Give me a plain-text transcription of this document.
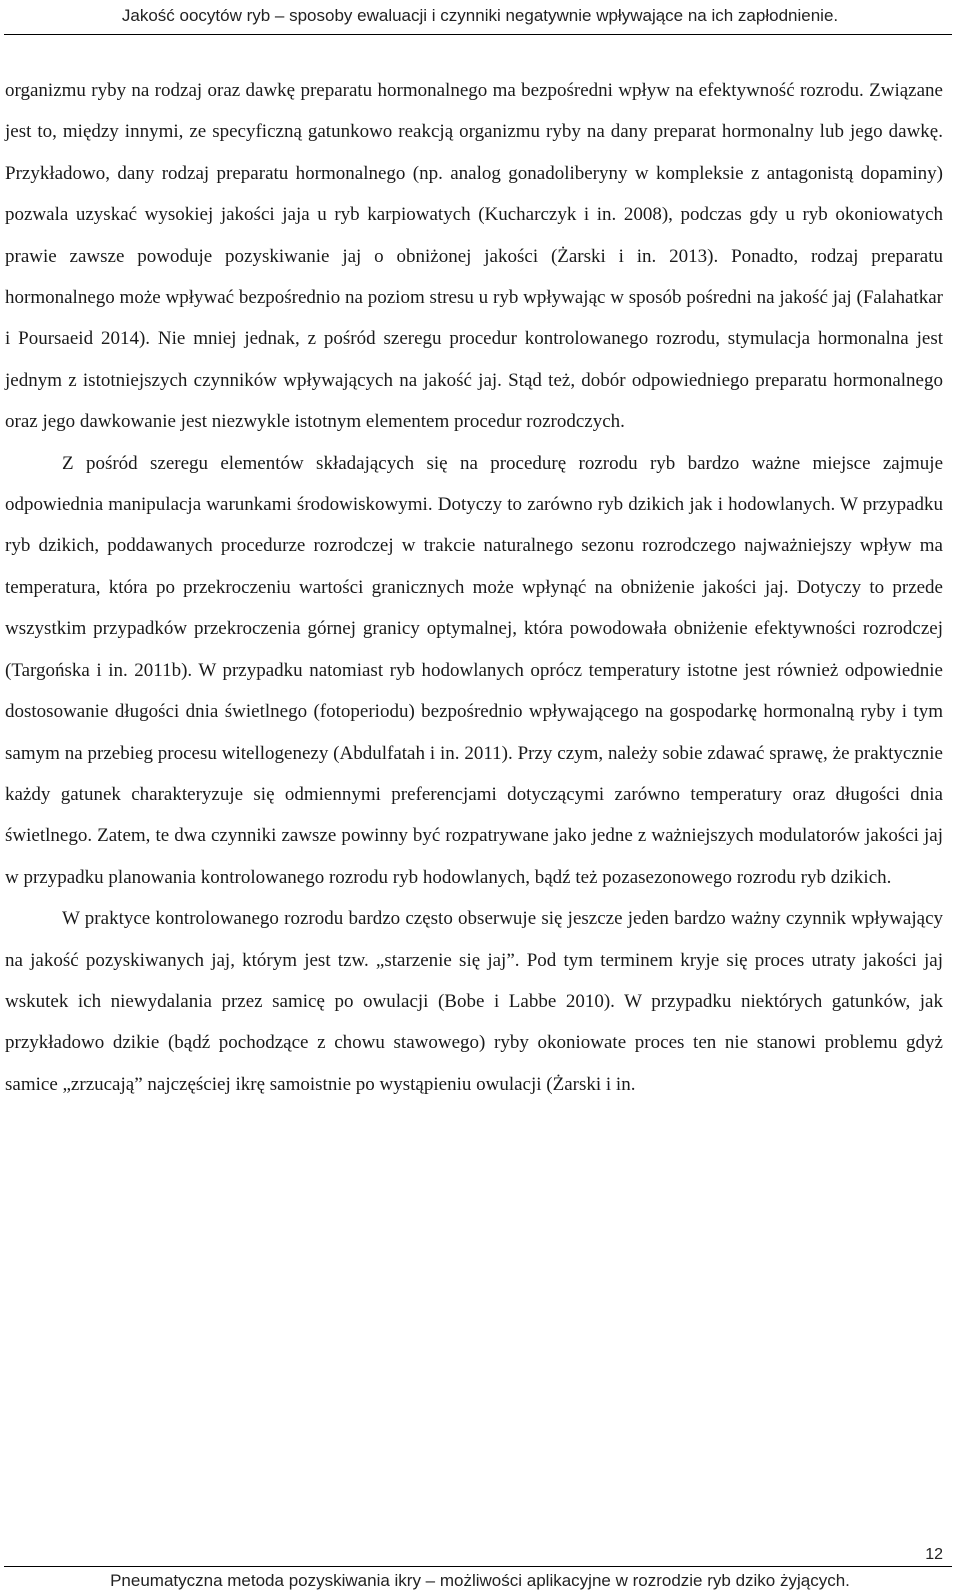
Jakość oocytów ryb – sposoby ewaluacji i czynniki negatywnie wpływające na ich zapłodnienie.

organizmu ryby na rodzaj oraz dawkę preparatu hormonalnego ma bezpośredni wpływ na efektywność rozrodu. Związane jest to, między innymi, ze specyficzną gatunkowo reakcją organizmu ryby na dany preparat hormonalny lub jego dawkę. Przykładowo, dany rodzaj preparatu hormonalnego (np. analog gonadoliberyny w kompleksie z antagonistą dopaminy) pozwala uzyskać wysokiej jakości jaja u ryb karpiowatych (Kucharczyk i in. 2008), podczas gdy u ryb okoniowatych prawie zawsze powoduje pozyskiwanie jaj o obniżonej jakości (Żarski i in. 2013). Ponadto, rodzaj preparatu hormonalnego może wpływać bezpośrednio na poziom stresu u ryb wpływając w sposób pośredni na jakość jaj (Falahatkar i Poursaeid 2014). Nie mniej jednak, z pośród szeregu procedur kontrolowanego rozrodu, stymulacja hormonalna jest jednym z istotniejszych czynników wpływających na jakość jaj. Stąd też, dobór odpowiedniego preparatu hormonalnego oraz jego dawkowanie jest niezwykle istotnym elementem procedur rozrodczych.

Z pośród szeregu elementów składających się na procedurę rozrodu ryb bardzo ważne miejsce zajmuje odpowiednia manipulacja warunkami środowiskowymi. Dotyczy to zarówno ryb dzikich jak i hodowlanych. W przypadku ryb dzikich, poddawanych procedurze rozrodczej w trakcie naturalnego sezonu rozrodczego najważniejszy wpływ ma temperatura, która po przekroczeniu wartości granicznych może wpłynąć na obniżenie jakości jaj. Dotyczy to przede wszystkim przypadków przekroczenia górnej granicy optymalnej, która powodowała obniżenie efektywności rozrodczej (Targońska i in. 2011b). W przypadku natomiast ryb hodowlanych oprócz temperatury istotne jest również odpowiednie dostosowanie długości dnia świetlnego (fotoperiodu) bezpośrednio wpływającego na gospodarkę hormonalną ryby i tym samym na przebieg procesu witellogenezy (Abdulfatah i in. 2011). Przy czym, należy sobie zdawać sprawę, że praktycznie każdy gatunek charakteryzuje się odmiennymi preferencjami dotyczącymi zarówno temperatury oraz długości dnia świetlnego. Zatem, te dwa czynniki zawsze powinny być rozpatrywane jako jedne z ważniejszych modulatorów jakości jaj w przypadku planowania kontrolowanego rozrodu ryb hodowlanych, bądź też pozasezonowego rozrodu ryb dzikich.

W praktyce kontrolowanego rozrodu bardzo często obserwuje się jeszcze jeden bardzo ważny czynnik wpływający na jakość pozyskiwanych jaj, którym jest tzw. „starzenie się jaj”. Pod tym terminem kryje się proces utraty jakości jaj wskutek ich niewydalania przez samicę po owulacji (Bobe i Labbe 2010). W przypadku niektórych gatunków, jak przykładowo dzikie (bądź pochodzące z chowu stawowego) ryby okoniowate proces ten nie stanowi problemu gdyż samice „zrzucają” najczęściej ikrę samoistnie po wystąpieniu owulacji (Żarski i in.

12
Pneumatyczna metoda pozyskiwania ikry – możliwości aplikacyjne w rozrodzie ryb dziko żyjących.
